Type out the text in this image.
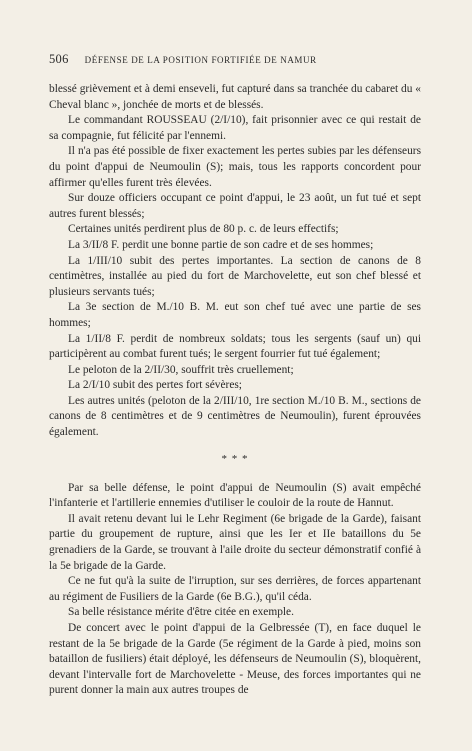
506 DÉFENSE DE LA POSITION FORTIFIÉE DE NAMUR

blessé grièvement et à demi enseveli, fut capturé dans sa tranchée du cabaret du « Cheval blanc », jonchée de morts et de blessés.

Le commandant ROUSSEAU (2/I/10), fait prisonnier avec ce qui restait de sa compagnie, fut félicité par l'ennemi.

Il n'a pas été possible de fixer exactement les pertes subies par les défenseurs du point d'appui de Neumoulin (S); mais, tous les rapports concordent pour affirmer qu'elles furent très élevées.

Sur douze officiers occupant ce point d'appui, le 23 août, un fut tué et sept autres furent blessés;

Certaines unités perdirent plus de 80 p. c. de leurs effectifs;

La 3/II/8 F. perdit une bonne partie de son cadre et de ses hommes;

La 1/III/10 subit des pertes importantes. La section de canons de 8 centimètres, installée au pied du fort de Marchovelette, eut son chef blessé et plusieurs servants tués;

La 3e section de M./10 B. M. eut son chef tué avec une partie de ses hommes;

La 1/II/8 F. perdit de nombreux soldats; tous les sergents (sauf un) qui participèrent au combat furent tués; le sergent fourrier fut tué également;

Le peloton de la 2/II/30, souffrit très cruellement;

La 2/I/10 subit des pertes fort sévères;

Les autres unités (peloton de la 2/III/10, 1re section M./10 B. M., sections de canons de 8 centimètres et de 9 centimètres de Neumoulin), furent éprouvées également.

* * *

Par sa belle défense, le point d'appui de Neumoulin (S) avait empêché l'infanterie et l'artillerie ennemies d'utiliser le couloir de la route de Hannut.

Il avait retenu devant lui le Lehr Regiment (6e brigade de la Garde), faisant partie du groupement de rupture, ainsi que les Ier et IIe bataillons du 5e grenadiers de la Garde, se trouvant à l'aile droite du secteur démonstratif confié à la 5e brigade de la Garde.

Ce ne fut qu'à la suite de l'irruption, sur ses derrières, de forces appartenant au régiment de Fusiliers de la Garde (6e B.G.), qu'il céda.

Sa belle résistance mérite d'être citée en exemple.

De concert avec le point d'appui de la Gelbressée (T), en face duquel le restant de la 5e brigade de la Garde (5e régiment de la Garde à pied, moins son bataillon de fusiliers) était déployé, les défenseurs de Neumoulin (S), bloquèrent, devant l'intervalle fort de Marchovelette - Meuse, des forces importantes qui ne purent donner la main aux autres troupes de
